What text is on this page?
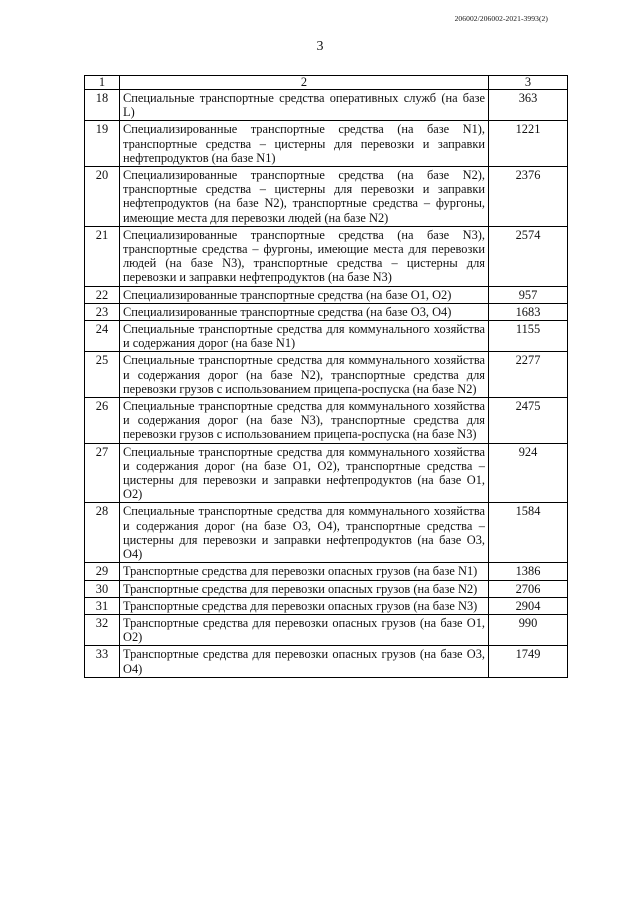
206002/206002-2021-3993(2)
3
1	2	3
18	Специальные транспортные средства оперативных служб (на базе L)	363
19	Специализированные транспортные средства (на базе N1), транспортные средства – цистерны для перевозки и заправки нефтепродуктов (на базе N1)	1221
20	Специализированные транспортные средства (на базе N2), транспортные средства – цистерны для перевозки и заправки нефтепродуктов (на базе N2), транспортные средства – фургоны, имеющие места для перевозки людей (на базе N2)	2376
21	Специализированные транспортные средства (на базе N3), транспортные средства – фургоны, имеющие места для перевозки людей (на базе N3), транспортные средства – цистерны для перевозки и заправки нефтепродуктов (на базе N3)	2574
22	Специализированные транспортные средства (на базе O1, O2)	957
23	Специализированные транспортные средства (на базе O3, O4)	1683
24	Специальные транспортные средства для коммунального хозяйства и содержания дорог (на базе N1)	1155
25	Специальные транспортные средства для коммунального хозяйства и содержания дорог (на базе N2), транспортные средства для перевозки грузов с использованием прицепа-роспуска (на базе N2)	2277
26	Специальные транспортные средства для коммунального хозяйства и содержания дорог (на базе N3), транспортные средства для перевозки грузов с использованием прицепа-роспуска (на базе N3)	2475
27	Специальные транспортные средства для коммунального хозяйства и содержания дорог (на базе O1, O2), транспортные средства – цистерны для перевозки и заправки нефтепродуктов (на базе O1, O2)	924
28	Специальные транспортные средства для коммунального хозяйства и содержания дорог (на базе O3, O4), транспортные средства – цистерны для перевозки и заправки нефтепродуктов (на базе O3, O4)	1584
29	Транспортные средства для перевозки опасных грузов (на базе N1)	1386
30	Транспортные средства для перевозки опасных грузов (на базе N2)	2706
31	Транспортные средства для перевозки опасных грузов (на базе N3)	2904
32	Транспортные средства для перевозки опасных грузов (на базе O1, O2)	990
33	Транспортные средства для перевозки опасных грузов (на базе O3, O4)	1749
